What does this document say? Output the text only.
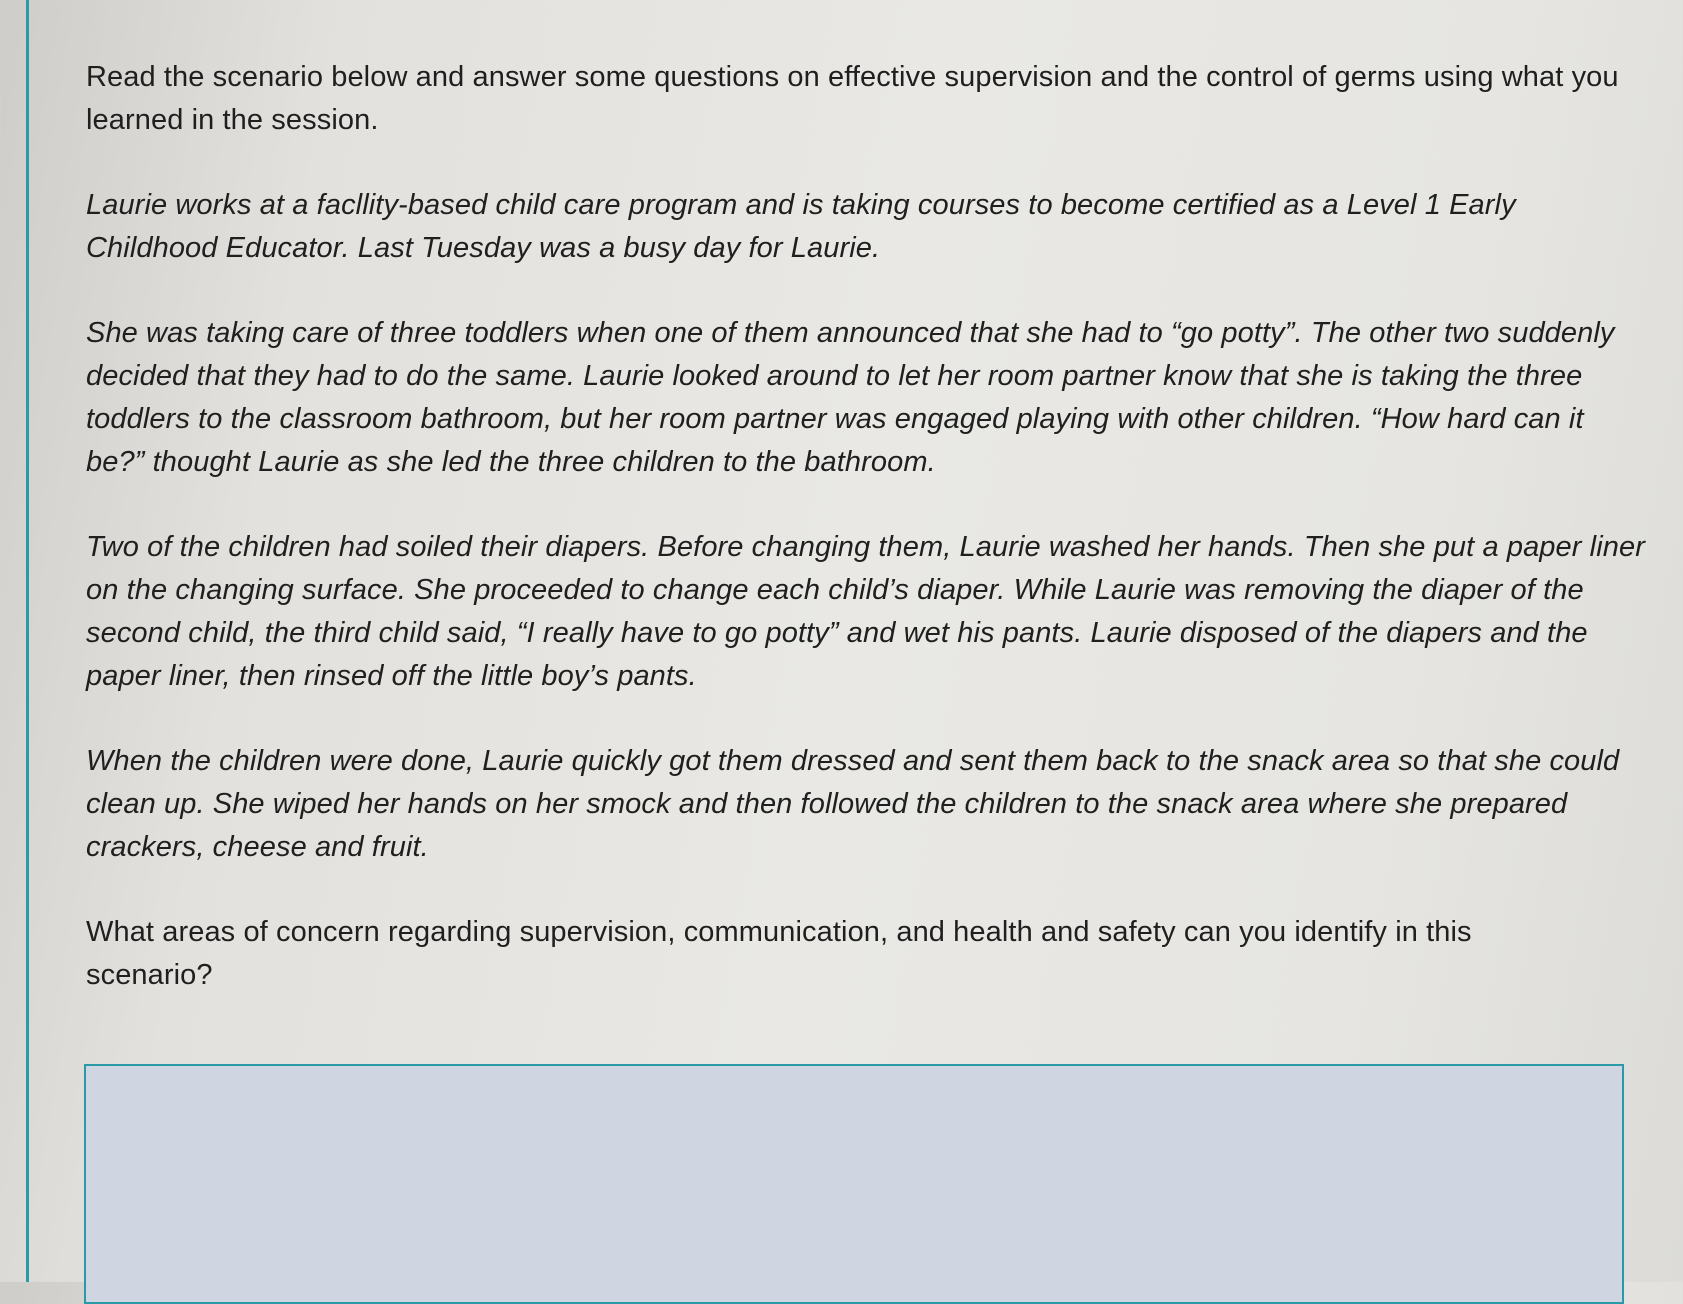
Read the scenario below and answer some questions on effective supervision and the control of germs using what you learned in the session.

Laurie works at a facllity-based child care program and is taking courses to become certified as a Level 1 Early Childhood Educator. Last Tuesday was a busy day for Laurie.

She was taking care of three toddlers when one of them announced that she had to “go potty”. The other two suddenly decided that they had to do the same. Laurie looked around to let her room partner know that she is taking the three toddlers to the classroom bathroom, but her room partner was engaged playing with other children. “How hard can it be?” thought Laurie as she led the three children to the bathroom.

Two of the children had soiled their diapers. Before changing them, Laurie washed her hands. Then she put a paper liner on the changing surface. She proceeded to change each child’s diaper. While Laurie was removing the diaper of the second child, the third child said, “I really have to go potty” and wet his pants. Laurie disposed of the diapers and the paper liner, then rinsed off the little boy’s pants.

When the children were done, Laurie quickly got them dressed and sent them back to the snack area so that she could clean up. She wiped her hands on her smock and then followed the children to the snack area where she prepared crackers, cheese and fruit.

What areas of concern regarding supervision, communication, and health and safety can you identify in this scenario?
